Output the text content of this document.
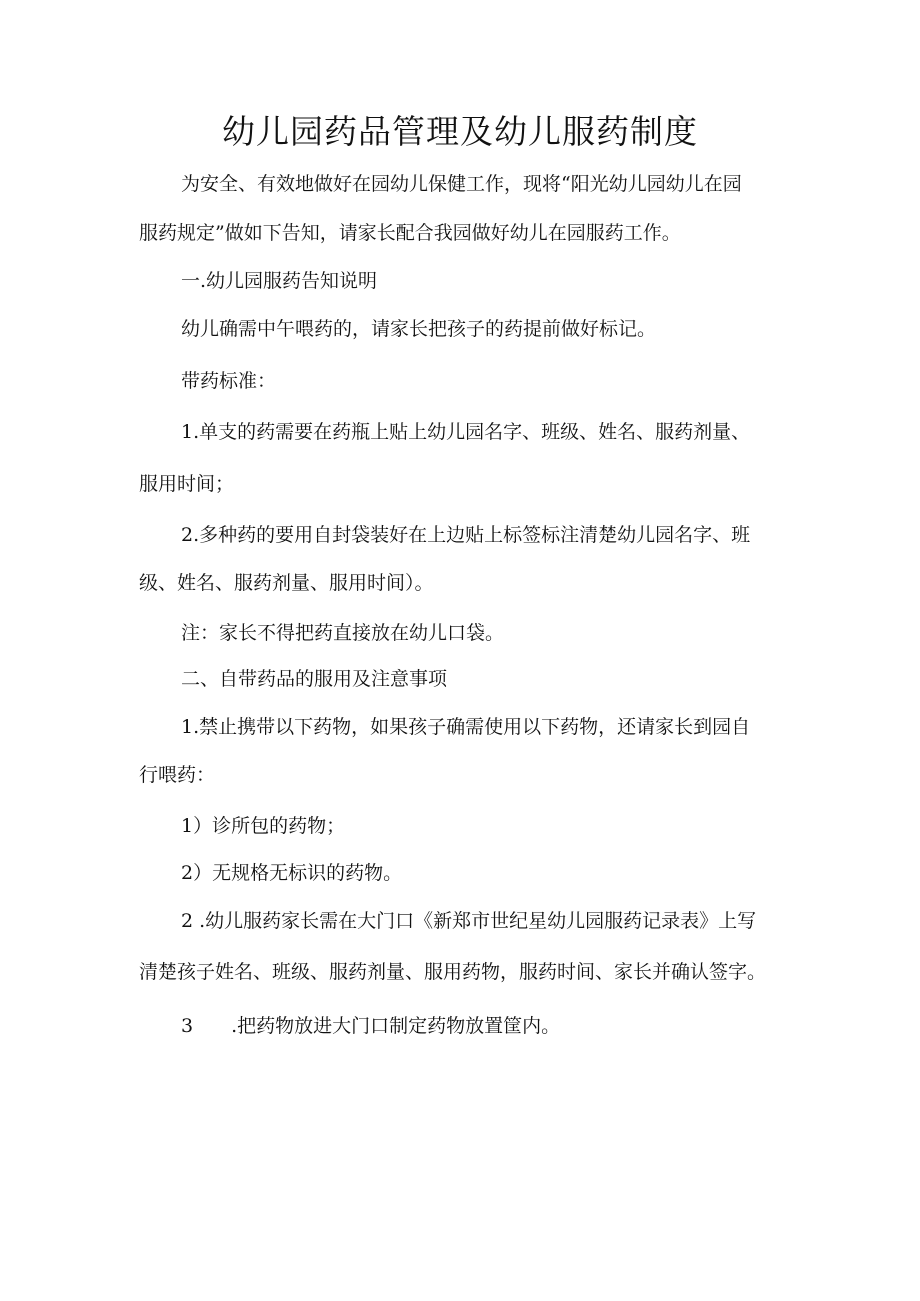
幼儿园药品管理及幼儿服药制度
为安全、有效地做好在园幼儿保健工作，现将“阳光幼儿园幼儿在园
服药规定”做如下告知，请家长配合我园做好幼儿在园服药工作。
一.幼儿园服药告知说明
幼儿确需中午喂药的，请家长把孩子的药提前做好标记。
带药标准：
1.单支的药需要在药瓶上贴上幼儿园名字、班级、姓名、服药剂量、
服用时间；
2.多种药的要用自封袋装好在上边贴上标签标注清楚幼儿园名字、班
级、姓名、服药剂量、服用时间）。
注：家长不得把药直接放在幼儿口袋。
二、自带药品的服用及注意事项
1.禁止携带以下药物，如果孩子确需使用以下药物，还请家长到园自
行喂药：
1）诊所包的药物；
2）无规格无标识的药物。
2 .幼儿服药家长需在大门口《新郑市世纪星幼儿园服药记录表》上写
清楚孩子姓名、班级、服药剂量、服用药物，服药时间、家长并确认签字。
3　　.把药物放进大门口制定药物放置筐内。
